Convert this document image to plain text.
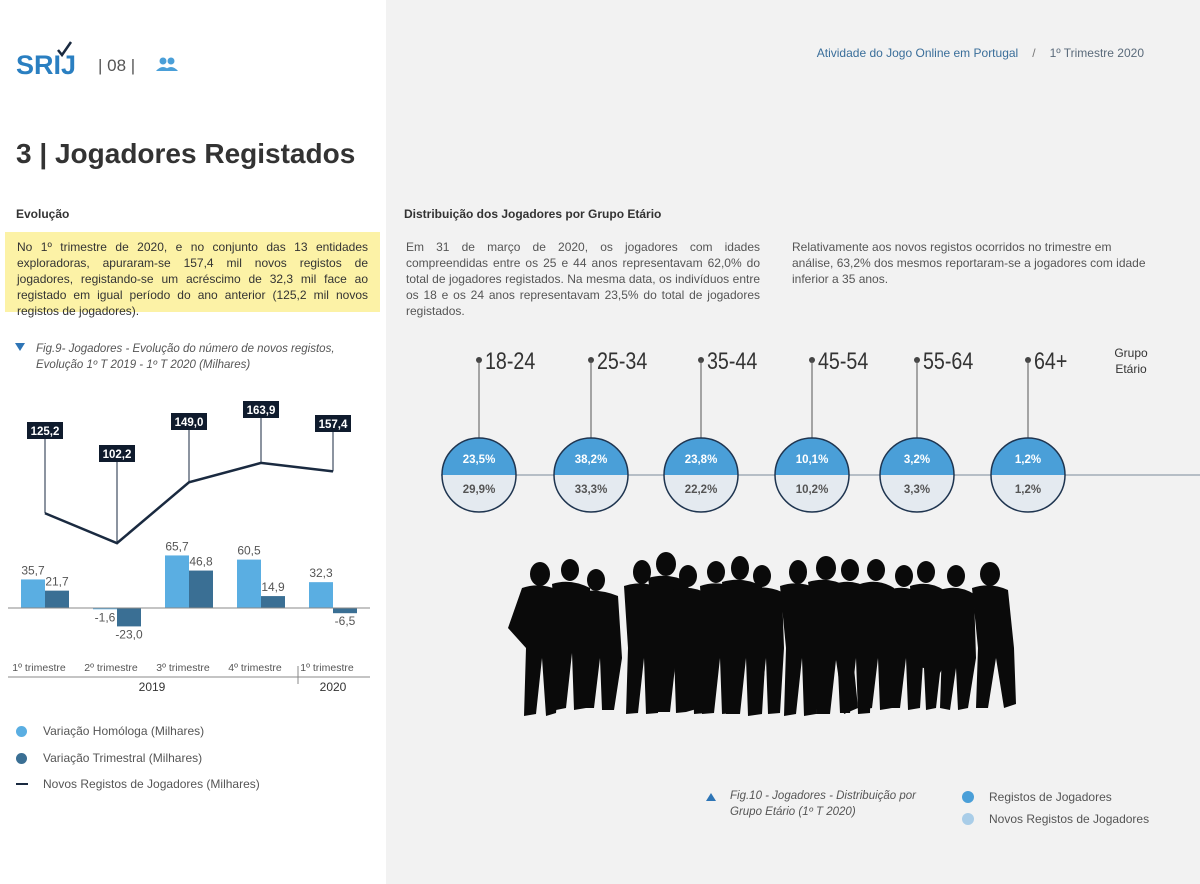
SRIJ | 08 |
Atividade do Jogo Online em Portugal / 1º Trimestre 2020
3 | Jogadores Registados
Evolução
No 1º trimestre de 2020, e no conjunto das 13 entidades exploradoras, apuraram-se 157,4 mil novos registos de jogadores, registando-se um acréscimo de 32,3 mil face ao registado em igual período do ano anterior (125,2 mil novos registos de jogadores).
Fig.9- Jogadores - Evolução do número de novos registos, Evolução 1º T 2019 - 1º T 2020 (Milhares)
35,7
21,7
1º trimestre
-1,6
-23,0
2º trimestre
65,7
46,8
3º trimestre
60,5
14,9
4º trimestre
32,3
-6,5
1º trimestre
2019	2020
125,2
102,2
149,0
163,9
157,4
Variação Homóloga (Milhares)
Variação Trimestral (Milhares)
Novos Registos de Jogadores (Milhares)
Distribuição dos Jogadores por Grupo Etário
Em 31 de março de 2020, os jogadores com idades compreendidas entre os 25 e 44 anos representavam 62,0% do total de jogadores registados. Na mesma data, os indivíduos entre os 18 e os 24 anos representavam 23,5% do total de jogadores registados.
Relativamente aos novos registos ocorridos no trimestre em análise, 63,2% dos mesmos reportaram-se a jogadores com idade inferior a 35 anos.
18-24
23,5%
29,9%
25-34
38,2%
33,3%
35-44
23,8%
22,2%
45-54
10,1%
10,2%
55-64
3,2%
3,3%
64+
1,2%
1,2%
Grupo
Etário
Fig.10 - Jogadores - Distribuição por Grupo Etário (1º T 2020)
Registos de Jogadores
Novos Registos de Jogadores
